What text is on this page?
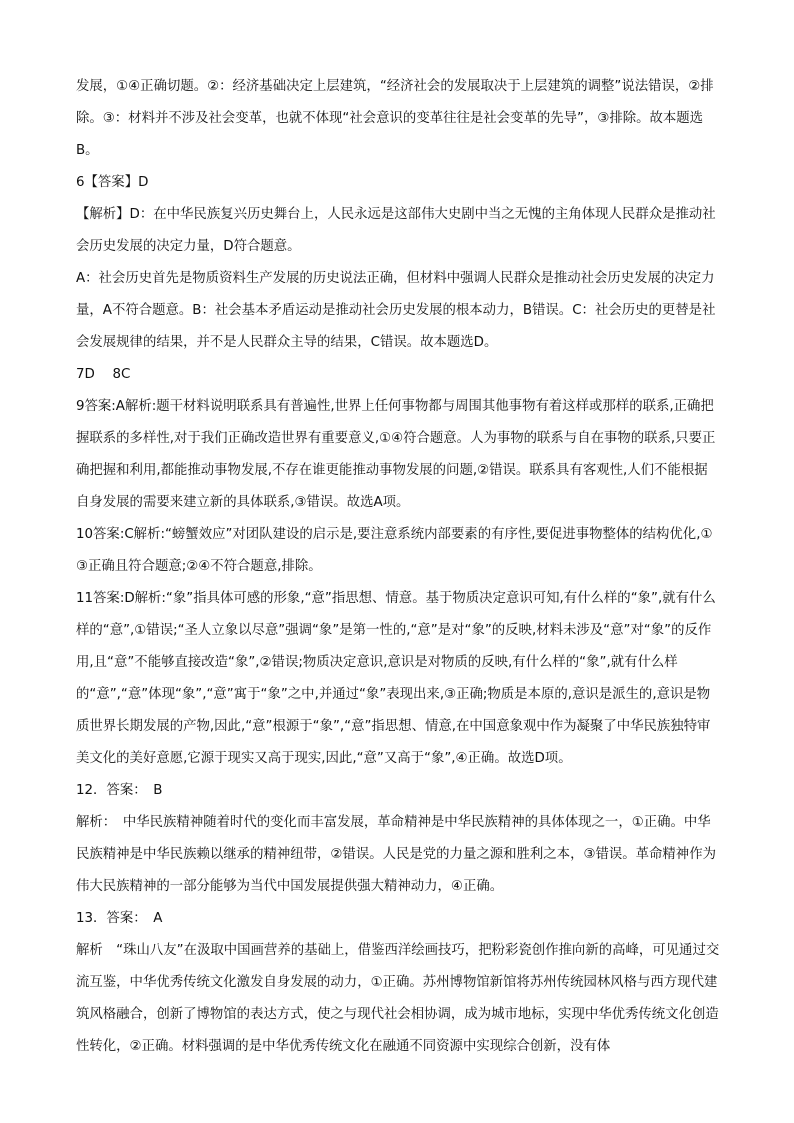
发展，①④正确切题。②：经济基础决定上层建筑，“经济社会的发展取决于上层建筑的调整”说法错误，②排除。③：材料并不涉及社会变革，也就不体现“社会意识的变革往往是社会变革的先导”，③排除。故本题选B。

6【答案】D

【解析】D：在中华民族复兴历史舞台上，人民永远是这部伟大史剧中当之无愧的主角体现人民群众是推动社会历史发展的决定力量，D符合题意。

A：社会历史首先是物质资料生产发展的历史说法正确，但材料中强调人民群众是推动社会历史发展的决定力量，A不符合题意。B：社会基本矛盾运动是推动社会历史发展的根本动力，B错误。C：社会历史的更替是社会发展规律的结果，并不是人民群众主导的结果，C错误。故本题选D。

7D　 8C

9答案:A解析:题干材料说明联系具有普遍性,世界上任何事物都与周围其他事物有着这样或那样的联系,正确把握联系的多样性,对于我们正确改造世界有重要意义,①④符合题意。人为事物的联系与自在事物的联系,只要正确把握和利用,都能推动事物发展,不存在谁更能推动事物发展的问题,②错误。联系具有客观性,人们不能根据自身发展的需要来建立新的具体联系,③错误。故选A项。

10答案:C解析:“螃蟹效应”对团队建设的启示是,要注意系统内部要素的有序性,要促进事物整体的结构优化,①③正确且符合题意;②④不符合题意,排除。

11答案:D解析:“象”指具体可感的形象,“意”指思想、情意。基于物质决定意识可知,有什么样的“象”,就有什么样的“意”,①错误;“圣人立象以尽意”强调“象”是第一性的,“意”是对“象”的反映,材料未涉及“意”对“象”的反作用,且“意”不能够直接改造“象”,②错误;物质决定意识,意识是对物质的反映,有什么样的“象”,就有什么样的“意”,“意”体现“象”,“意”寓于“象”之中,并通过“象”表现出来,③正确;物质是本原的,意识是派生的,意识是物质世界长期发展的产物,因此,“意”根源于“象”,“意”指思想、情意,在中国意象观中作为凝聚了中华民族独特审美文化的美好意愿,它源于现实又高于现实,因此,“意”又高于“象”,④正确。故选D项。

12．答案：　B

解析：　中华民族精神随着时代的变化而丰富发展，革命精神是中华民族精神的具体体现之一，①正确。中华民族精神是中华民族赖以继承的精神纽带，②错误。人民是党的力量之源和胜利之本，③错误。革命精神作为伟大民族精神的一部分能够为当代中国发展提供强大精神动力，④正确。

13．答案：　A

解析　“珠山八友”在汲取中国画营养的基础上，借鉴西洋绘画技巧，把粉彩瓷创作推向新的高峰，可见通过交流互鉴，中华优秀传统文化激发自身发展的动力，①正确。苏州博物馆新馆将苏州传统园林风格与西方现代建筑风格融合，创新了博物馆的表达方式，使之与现代社会相协调，成为城市地标，实现中华优秀传统文化创造性转化，②正确。材料强调的是中华优秀传统文化在融通不同资源中实现综合创新，没有体
